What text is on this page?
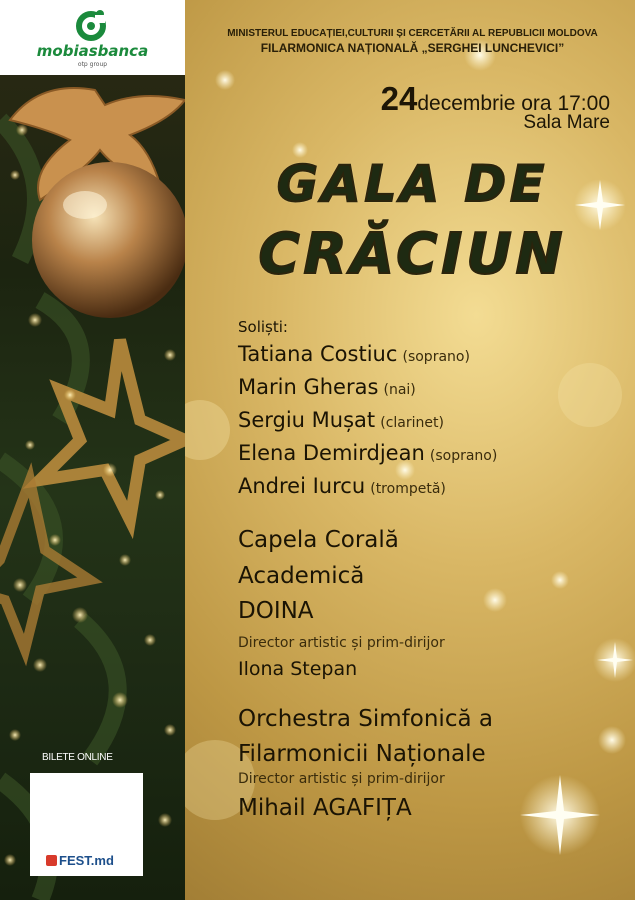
mobiasbanca
otp group
BILETE ONLINE
FEST.md
MINISTERUL EDUCAȚIEI,CULTURII ȘI CERCETĂRII AL REPUBLICII MOLDOVA
FILARMONICA NAȚIONALĂ „SERGHEI LUNCHEVICI”
24decembrie ora 17:00
Sala Mare
GALA DE
CRĂCIUN
Soliști:
Tatiana Costiuc (soprano)
Marin Gheras (nai)
Sergiu Mușat (clarinet)
Elena Demirdjean (soprano)
Andrei Iurcu (trompetă)
Capela Corală
Academică
DOINA
Director artistic și prim-dirijor
Ilona Stepan
Orchestra Simfonică a
Filarmonicii Naționale
Director artistic și prim-dirijor
Mihail AGAFIȚA
